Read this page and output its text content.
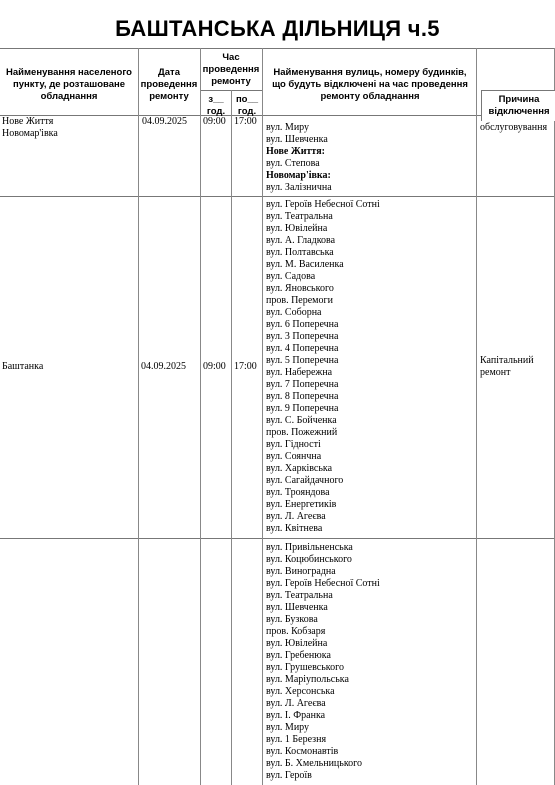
БАШТАНСЬКА ДІЛЬНИЦЯ ч.5
Найменування населеного пункту, де розташоване обладнання
Дата проведення ремонту
Час проведення ремонту
з__ год.
по__ год.
Найменування вулиць, номеру будинків, що будуть відключені на час проведення ремонту обладнання	Причина відключення
Нове Життя
Новомар'івка
04.09.2025 09:00 17:00
обслуговування
вул. Миру
вул. Шевченка
Нове Життя:
вул. Степова
Новомар'івка:
вул. Залізнична
Баштанка	04.09.2025 09:00 17:00
Капітальний
ремонт
вул. Героїв Небесної Сотні
вул. Театральна
вул. Ювілейна
вул. А. Гладкова
вул. Полтавська
вул. М. Василенка
вул. Садова
вул. Яновського
пров. Перемоги
вул. Соборна
вул. 6 Поперечна
вул. 3 Поперечна
вул. 4 Поперечна
вул. 5 Поперечна
вул. Набережна
вул. 7 Поперечна
вул. 8 Поперечна
вул. 9 Поперечна
вул. С. Бойченка
пров. Пожежний
вул. Гідності
вул. Соянчна
вул. Харківська
вул. Сагайдачного
вул. Трояндова
вул. Енергетиків
вул. Л. Агеєва
вул. Квітнева
вул. Привільненська
вул. Коцюбинського
вул. Виноградна
вул. Героїв Небесної Сотні
вул. Театральна
вул. Шевченка
вул. Бузкова
пров. Кобзаря
вул. Ювілейна
вул. Гребенюка
вул. Грушевського
вул. Маріупольська
вул. Херсонська
вул. Л. Агеєва
вул. І. Франка
вул. Миру
вул. 1 Березня
вул. Космонавтів
вул. Б. Хмельницького
вул. Героїв
